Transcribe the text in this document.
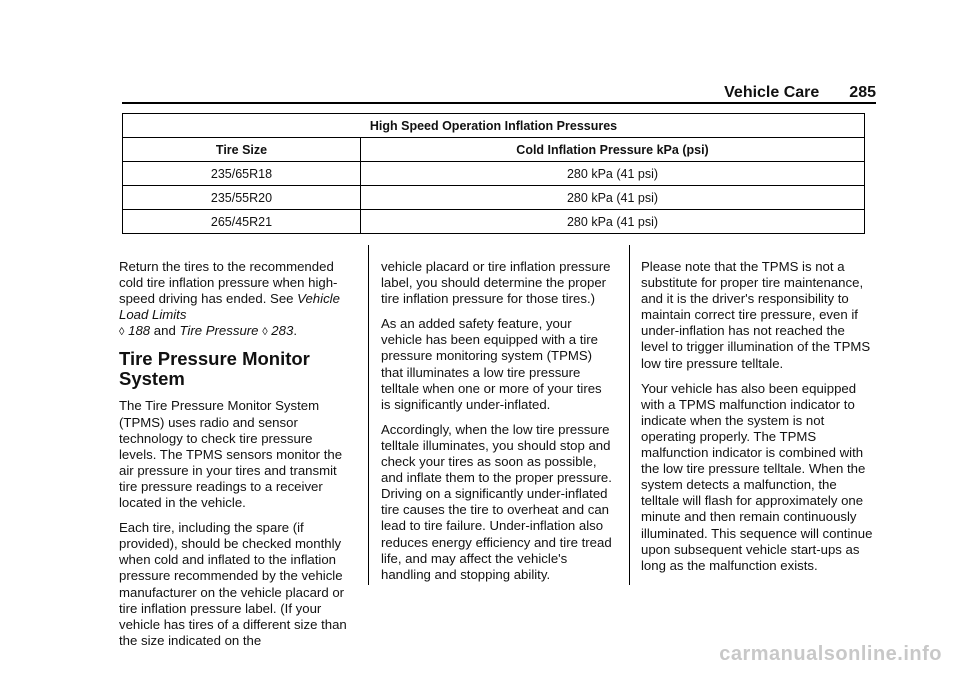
Vehicle Care 285
High Speed Operation Inflation Pressures	
Tire Size	Cold Inflation Pressure kPa (psi)
235/65R18	280 kPa (41 psi)
235/55R20	280 kPa (41 psi)
265/45R21	280 kPa (41 psi)

Return the tires to the recommended cold tire inflation pressure when high-speed driving has ended. See Vehicle Load Limits
◊ 188 and Tire Pressure ◊ 283.

Tire Pressure Monitor System

The Tire Pressure Monitor System (TPMS) uses radio and sensor technology to check tire pressure levels. The TPMS sensors monitor the air pressure in your tires and transmit tire pressure readings to a receiver located in the vehicle.

Each tire, including the spare (if provided), should be checked monthly when cold and inflated to the inflation pressure recommended by the vehicle manufacturer on the vehicle placard or tire inflation pressure label. (If your vehicle has tires of a different size than the size indicated on the

vehicle placard or tire inflation pressure label, you should determine the proper tire inflation pressure for those tires.)

As an added safety feature, your vehicle has been equipped with a tire pressure monitoring system (TPMS) that illuminates a low tire pressure telltale when one or more of your tires is significantly under-inflated.

Accordingly, when the low tire pressure telltale illuminates, you should stop and check your tires as soon as possible, and inflate them to the proper pressure. Driving on a significantly under-inflated tire causes the tire to overheat and can lead to tire failure. Under-inflation also reduces energy efficiency and tire tread life, and may affect the vehicle's handling and stopping ability.

Please note that the TPMS is not a substitute for proper tire maintenance, and it is the driver's responsibility to maintain correct tire pressure, even if under-inflation has not reached the level to trigger illumination of the TPMS low tire pressure telltale.

Your vehicle has also been equipped with a TPMS malfunction indicator to indicate when the system is not operating properly. The TPMS malfunction indicator is combined with the low tire pressure telltale. When the system detects a malfunction, the telltale will flash for approximately one minute and then remain continuously illuminated. This sequence will continue upon subsequent vehicle start-ups as long as the malfunction exists.

carmanualsonline.info
